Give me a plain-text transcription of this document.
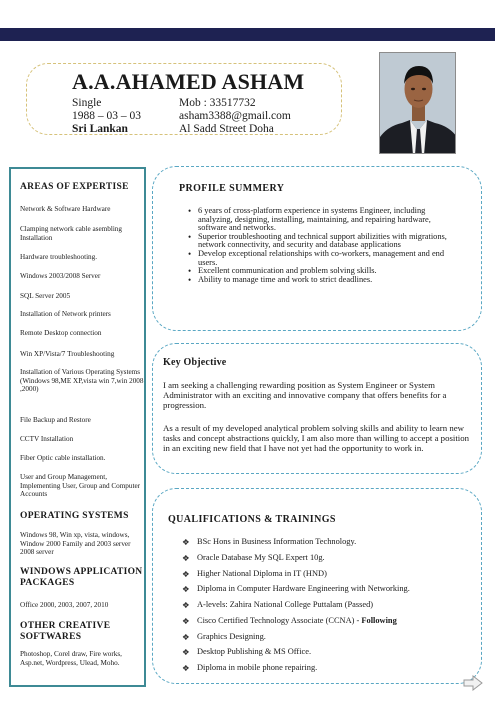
A.A.AHAMED ASHAM
Single	Mob : 33517732
1988 – 03 – 03	asham3388@gmail.com
Sri Lankan	Al Sadd Street Doha
AREAS OF EXPERTISE
Network & Software Hardware
Clamping network cable asembling Installation
Hardware troubleshooting.
Windows 2003/2008 Server
SQL Server 2005
Installation of Network printers
Remote Desktop connection
Win XP/Vista/7 Troubleshooting
Installation of Various Operating Systems (Windows 98,ME XP,vista win 7,win 2008 ,2000)
File Backup and Restore
CCTV Installation
Fiber Optic cable installation.
User and Group Management, Implementing User, Group and Computer Accounts
OPERATING SYSTEMS
Windows 98, Win xp, vista, windows, Window 2000 Family and 2003 server 2008 server
WINDOWS APPLICATION PACKAGES
Office 2000, 2003, 2007, 2010
OTHER CREATIVE SOFTWARES
Photoshop, Corel draw, Fire works, Asp.net, Wordpress, Ulead, Moho.
PROFILE SUMMERY
• 6 years of cross-platform experience in systems Engineer, including analyzing, designing, installing, maintaining, and repairing hardware, software and networks.
• Superior troubleshooting and technical support abilizities with migrations, network connectivity, and security and database applications
• Develop exceptional relationships with co-workers, management and end users.
• Excellent communication and problem solving skills.
• Ability to manage time and work to strict deadlines.
Key Objective

I am seeking a challenging rewarding position as System Engineer or System Administrator with an exciting and innovative company that offers benefits for a progression.

As a result of my developed analytical problem solving skills and ability to learn new tasks and concept abstractions quickly, I am also more than willing to accept a position in an exciting new field that I have not yet had the opportunity to work in.

QUALIFICATIONS & TRAININGS
❖ BSc Hons in Business Information Technology.
❖ Oracle Database My SQL Expert 10g.
❖ Higher National Diploma in IT (HND)
❖ Diploma in Computer Hardware Engineering with Networking.
❖ A-levels: Zahira National College Puttalam (Passed)
❖ Cisco Certified Technology Associate (CCNA) - Following
❖ Graphics Designing.
❖ Desktop Publishing & MS Office.
❖ Diploma in mobile phone repairing.
